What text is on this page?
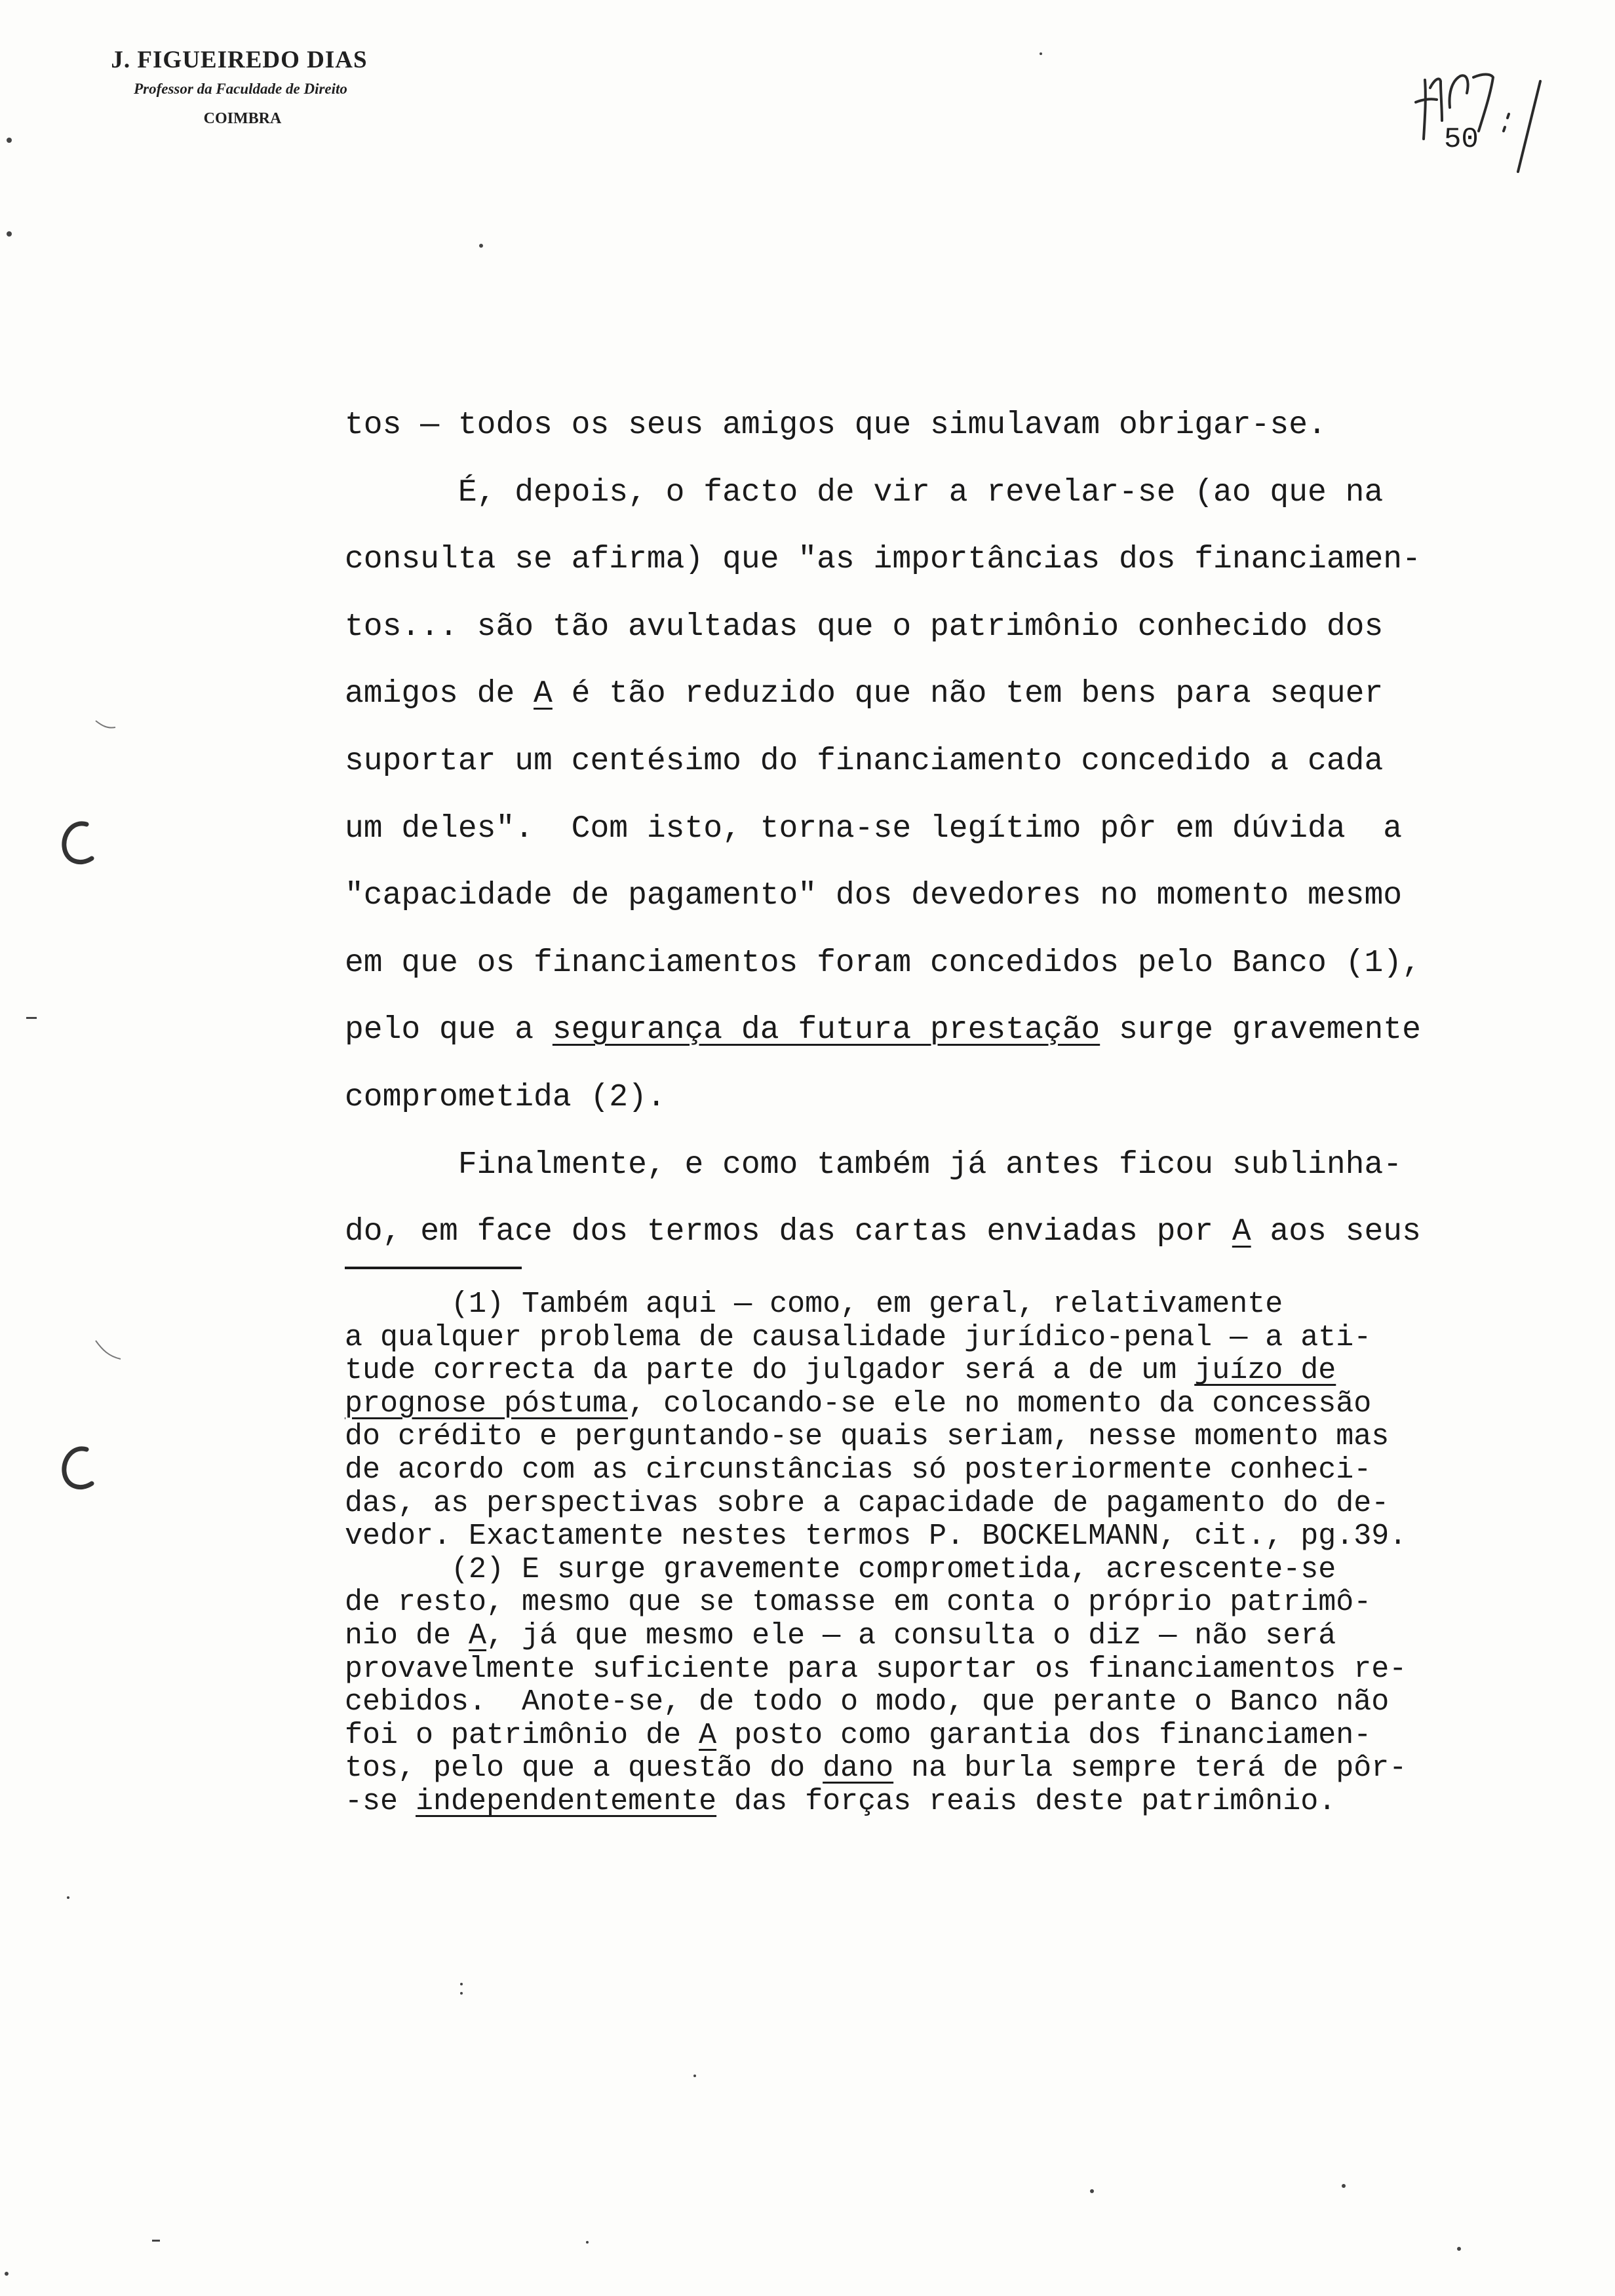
J. FIGUEIREDO DIAS
Professor da Faculdade de Direito
COIMBRA
50
tos — todos os seus amigos que simulavam obrigar-se.
É, depois, o facto de vir a revelar-se (ao que na
consulta se afirma) que "as importâncias dos financiamen-
tos... são tão avultadas que o patrimônio conhecido dos
amigos de A é tão reduzido que não tem bens para sequer
suportar um centésimo do financiamento concedido a cada
um deles".  Com isto, torna-se legítimo pôr em dúvida  a
"capacidade de pagamento" dos devedores no momento mesmo
em que os financiamentos foram concedidos pelo Banco (1),
pelo que a segurança da futura prestação surge gravemente
comprometida (2).
Finalmente, e como também já antes ficou sublinha-
do, em face dos termos das cartas enviadas por A aos seus
(1) Também aqui — como, em geral, relativamente
a qualquer problema de causalidade jurídico-penal — a ati-
tude correcta da parte do julgador será a de um juízo de
prognose póstuma, colocando-se ele no momento da concessão
do crédito e perguntando-se quais seriam, nesse momento mas
de acordo com as circunstâncias só posteriormente conheci-
das, as perspectivas sobre a capacidade de pagamento do de-
vedor. Exactamente nestes termos P. BOCKELMANN, cit., pg.39.
(2) E surge gravemente comprometida, acrescente-se
de resto, mesmo que se tomasse em conta o próprio patrimô-
nio de A, já que mesmo ele — a consulta o diz — não será
provavelmente suficiente para suportar os financiamentos re-
cebidos.  Anote-se, de todo o modo, que perante o Banco não
foi o patrimônio de A posto como garantia dos financiamen-
tos, pelo que a questão do dano na burla sempre terá de pôr-
-se independentemente das forças reais deste patrimônio.
